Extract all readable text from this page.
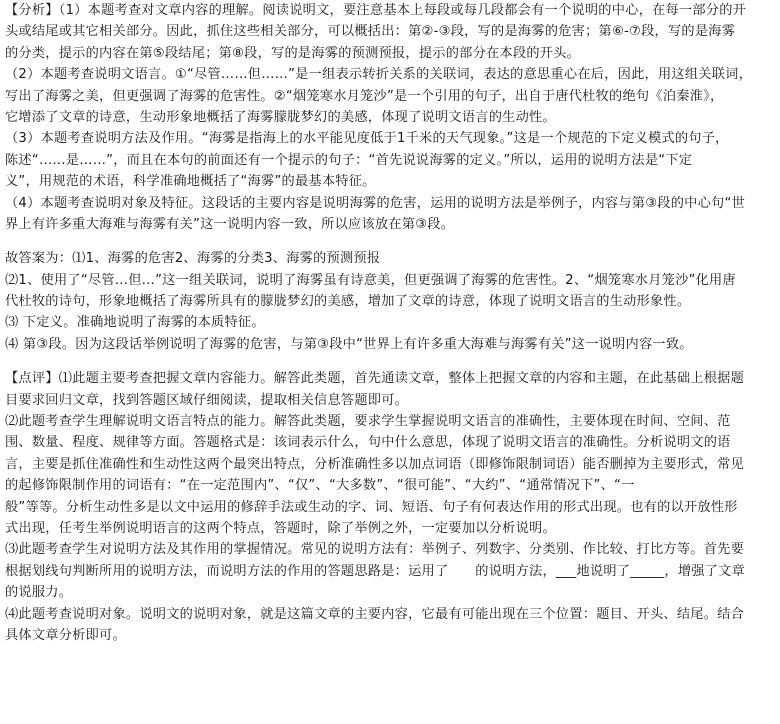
【分析】（1）本题考查对文章内容的理解。阅读说明文，要注意基本上每段或每几段都会有一个说明的中心，在每一部分的开
头或结尾或其它相关部分。因此，抓住这些相关部分，可以概括出：第②-③段，写的是海雾的危害；第⑥-⑦段，写的是海雾
的分类，提示的内容在第⑤段结尾；第⑧段，写的是海雾的预测预报，提示的部分在本段的开头。
（2）本题考查说明文语言。①“尽管……但……”是一组表示转折关系的关联词，表达的意思重心在后，因此，用这组关联词，
写出了海雾之美，但更强调了海雾的危害性。②“烟笼寒水月笼沙”是一个引用的句子，出自于唐代杜牧的绝句《泊秦淮》，
它增添了文章的诗意，生动形象地概括了海雾朦胧梦幻的美感，体现了说明文语言的生动性。
（3）本题考查说明方法及作用。“海雾是指海上的水平能见度低于1千米的天气现象。”这是一个规范的下定义模式的句子，
陈述“……是……”，而且在本句的前面还有一个提示的句子：“首先说说海雾的定义。”所以，运用的说明方法是“下定
义”，用规范的术语，科学准确地概括了“海雾”的最基本特征。
（4）本题考查说明对象及特征。这段话的主要内容是说明海雾的危害，运用的说明方法是举例子，内容与第③段的中心句“世
界上有许多重大海难与海雾有关”这一说明内容一致，所以应该放在第③段。
故答案为：⑴1、海雾的危害2、海雾的分类3、海雾的预测预报
⑵1、使用了“尽管…但…”这一组关联词，说明了海雾虽有诗意美，但更强调了海雾的危害性。2、“烟笼寒水月笼沙”化用唐
代杜牧的诗句，形象地概括了海雾所具有的朦胧梦幻的美感，增加了文章的诗意，体现了说明文语言的生动形象性。
⑶ 下定义。准确地说明了海雾的本质特征。
⑷ 第③段。因为这段话举例说明了海雾的危害，与第③段中“世界上有许多重大海难与海雾有关”这一说明内容一致。
【点评】⑴此题主要考查把握文章内容能力。解答此类题，首先通读文章，整体上把握文章的内容和主题，在此基础上根据题
目要求回归文章，找到答题区域仔细阅读，提取相关信息答题即可。
⑵此题考查学生理解说明文语言特点的能力。解答此类题，要求学生掌握说明文语言的准确性，主要体现在时间、空间、范
围、数量、程度、规律等方面。答题格式是：该词表示什么，句中什么意思，体现了说明文语言的准确性。分析说明文的语
言，主要是抓住准确性和生动性这两个最突出特点，分析准确性多以加点词语（即修饰限制词语）能否删掉为主要形式，常见
的起修饰限制作用的词语有：“在一定范围内”、“仅”、“大多数”、“很可能”、“大约”、“通常情况下”、“一
般”等等。分析生动性多是以文中运用的修辞手法或生动的字、词、短语、句子有何表达作用的形式出现。也有的以开放性形
式出现，任考生举例说明语言的这两个特点，答题时，除了举例之外，一定要加以分析说明。
⑶此题考查学生对说明方法及其作用的掌握情况。常见的说明方法有：举例子、列数字、分类别、作比较、打比方等。首先要
根据划线句判断所用的说明方法，而说明方法的作用的答题思路是：运用了　　的说明方法，___地说明了_____，增强了文章
的说服力。
⑷此题考查说明对象。说明文的说明对象，就是这篇文章的主要内容，它最有可能出现在三个位置：题目、开头、结尾。结合
具体文章分析即可。
